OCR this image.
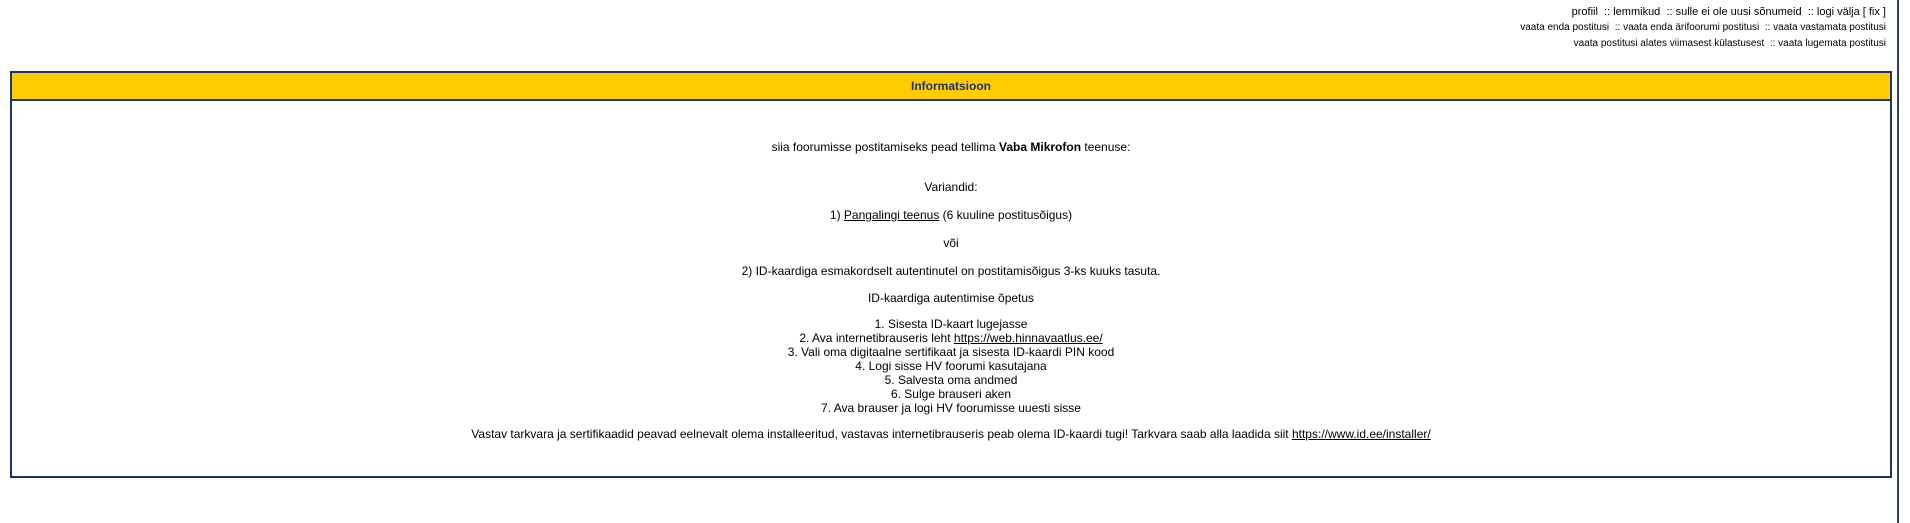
profiil :: lemmikud :: sulle ei ole uusi sõnumeid :: logi välja [ fix ]
vaata enda postitusi :: vaata enda ärifoorumi postitusi :: vaata vastamata postitusi
vaata postitusi alates viimasest külastusest :: vaata lugemata postitusi
Informatsioon
siia foorumisse postitamiseks pead tellima Vaba Mikrofon teenuse:
Variandid:
1) Pangalingi teenus (6 kuuline postitusõigus)
või
2) ID-kaardiga esmakordselt autentinutel on postitamisõigus 3-ks kuuks tasuta.
ID-kaardiga autentimise õpetus
1. Sisesta ID-kaart lugejasse
2. Ava internetibrauseris leht https://web.hinnavaatlus.ee/
3. Vali oma digitaalne sertifikaat ja sisesta ID-kaardi PIN kood
4. Logi sisse HV foorumi kasutajana
5. Salvesta oma andmed
6. Sulge brauseri aken
7. Ava brauser ja logi HV foorumisse uuesti sisse
Vastav tarkvara ja sertifikaadid peavad eelnevalt olema installeeritud, vastavas internetibrauseris peab olema ID-kaardi tugi! Tarkvara saab alla laadida siit https://www.id.ee/installer/
